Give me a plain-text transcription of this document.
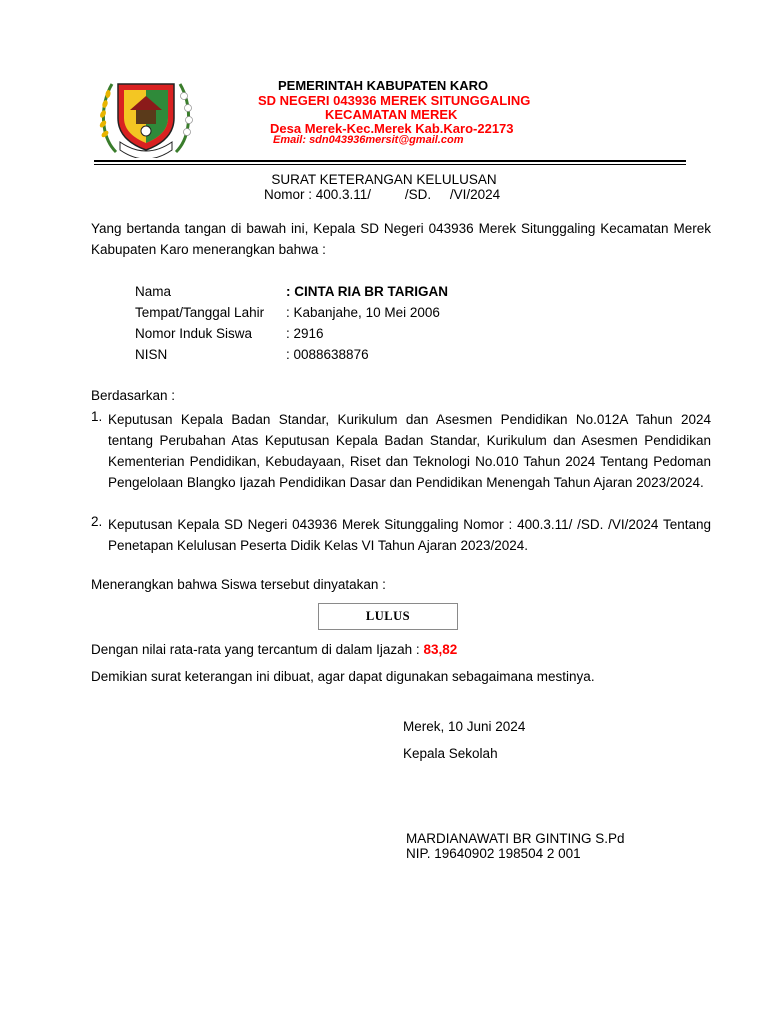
PEMERINTAH KABUPATEN KARO
SD NEGERI 043936 MEREK SITUNGGALING
KECAMATAN MEREK
Desa Merek-Kec.Merek Kab.Karo-22173
Email: sdn043936mersit@gmail.com
SURAT KETERANGAN KELULUSAN
Nomor : 400.3.11/         /SD.     /VI/2024
Yang bertanda tangan di bawah ini, Kepala SD Negeri 043936 Merek Situnggaling Kecamatan Merek Kabupaten Karo menerangkan bahwa :
Nama	: CINTA RIA BR TARIGAN
Tempat/Tanggal Lahir : Kabanjahe, 10 Mei 2006
Nomor Induk Siswa	: 2916
NISN	: 0088638876
Berdasarkan :
1. Keputusan Kepala Badan Standar, Kurikulum dan Asesmen Pendidikan No.012A Tahun 2024 tentang Perubahan Atas Keputusan Kepala Badan Standar, Kurikulum dan Asesmen Pendidikan Kementerian Pendidikan, Kebudayaan, Riset dan Teknologi No.010 Tahun 2024 Tentang Pedoman Pengelolaan Blangko Ijazah Pendidikan Dasar dan Pendidikan Menengah Tahun Ajaran 2023/2024.
2. Keputusan Kepala SD Negeri 043936 Merek Situnggaling Nomor : 400.3.11/ /SD. /VI/2024 Tentang Penetapan Kelulusan Peserta Didik Kelas VI Tahun Ajaran 2023/2024.
Menerangkan bahwa Siswa tersebut dinyatakan :
LULUS
Dengan nilai rata-rata yang tercantum di dalam Ijazah : 83,82
Demikian surat keterangan ini dibuat, agar dapat digunakan sebagaimana mestinya.
Merek, 10 Juni 2024
Kepala Sekolah
MARDIANAWATI BR GINTING S.Pd
NIP. 19640902 198504 2 001
